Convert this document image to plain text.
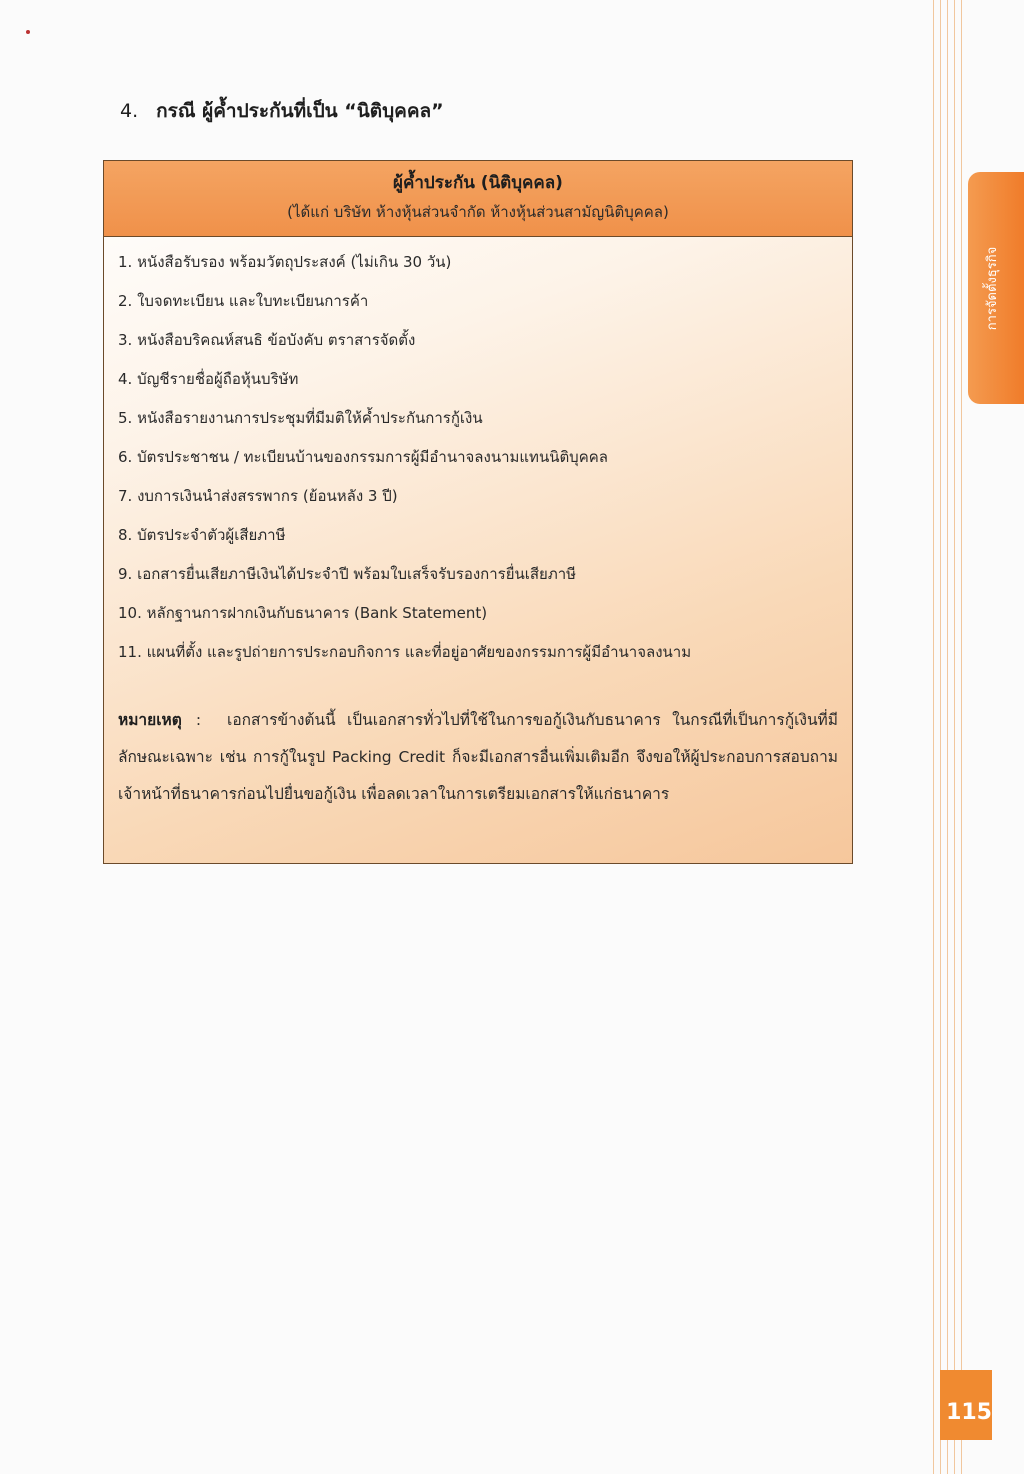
4. กรณี ผู้ค้ำประกันที่เป็น “นิติบุคคล”
ผู้ค้ำประกัน (นิติบุคคล)
(ได้แก่ บริษัท ห้างหุ้นส่วนจำกัด ห้างหุ้นส่วนสามัญนิติบุคคล)
1. หนังสือรับรอง พร้อมวัตถุประสงค์ (ไม่เกิน 30 วัน)
2. ใบจดทะเบียน และใบทะเบียนการค้า
3. หนังสือบริคณห์สนธิ ข้อบังคับ ตราสารจัดตั้ง
4. บัญชีรายชื่อผู้ถือหุ้นบริษัท
5. หนังสือรายงานการประชุมที่มีมติให้ค้ำประกันการกู้เงิน
6. บัตรประชาชน / ทะเบียนบ้านของกรรมการผู้มีอำนาจลงนามแทนนิติบุคคล
7. งบการเงินนำส่งสรรพากร (ย้อนหลัง 3 ปี)
8. บัตรประจำตัวผู้เสียภาษี
9. เอกสารยื่นเสียภาษีเงินได้ประจำปี พร้อมใบเสร็จรับรองการยื่นเสียภาษี
10. หลักฐานการฝากเงินกับธนาคาร (Bank Statement)
11. แผนที่ตั้ง และรูปถ่ายการประกอบกิจการ และที่อยู่อาศัยของกรรมการผู้มีอำนาจลงนาม
หมายเหตุ : เอกสารข้างต้นนี้ เป็นเอกสารทั่วไปที่ใช้ในการขอกู้เงินกับธนาคาร ในกรณีที่เป็นการกู้เงินที่มีลักษณะเฉพาะ เช่น การกู้ในรูป Packing Credit ก็จะมีเอกสารอื่นเพิ่มเติมอีก จึงขอให้ผู้ประกอบการสอบถามเจ้าหน้าที่ธนาคารก่อนไปยื่นขอกู้เงิน เพื่อลดเวลาในการเตรียมเอกสารให้แก่ธนาคาร
การจัดตั้งธุรกิจ
115
